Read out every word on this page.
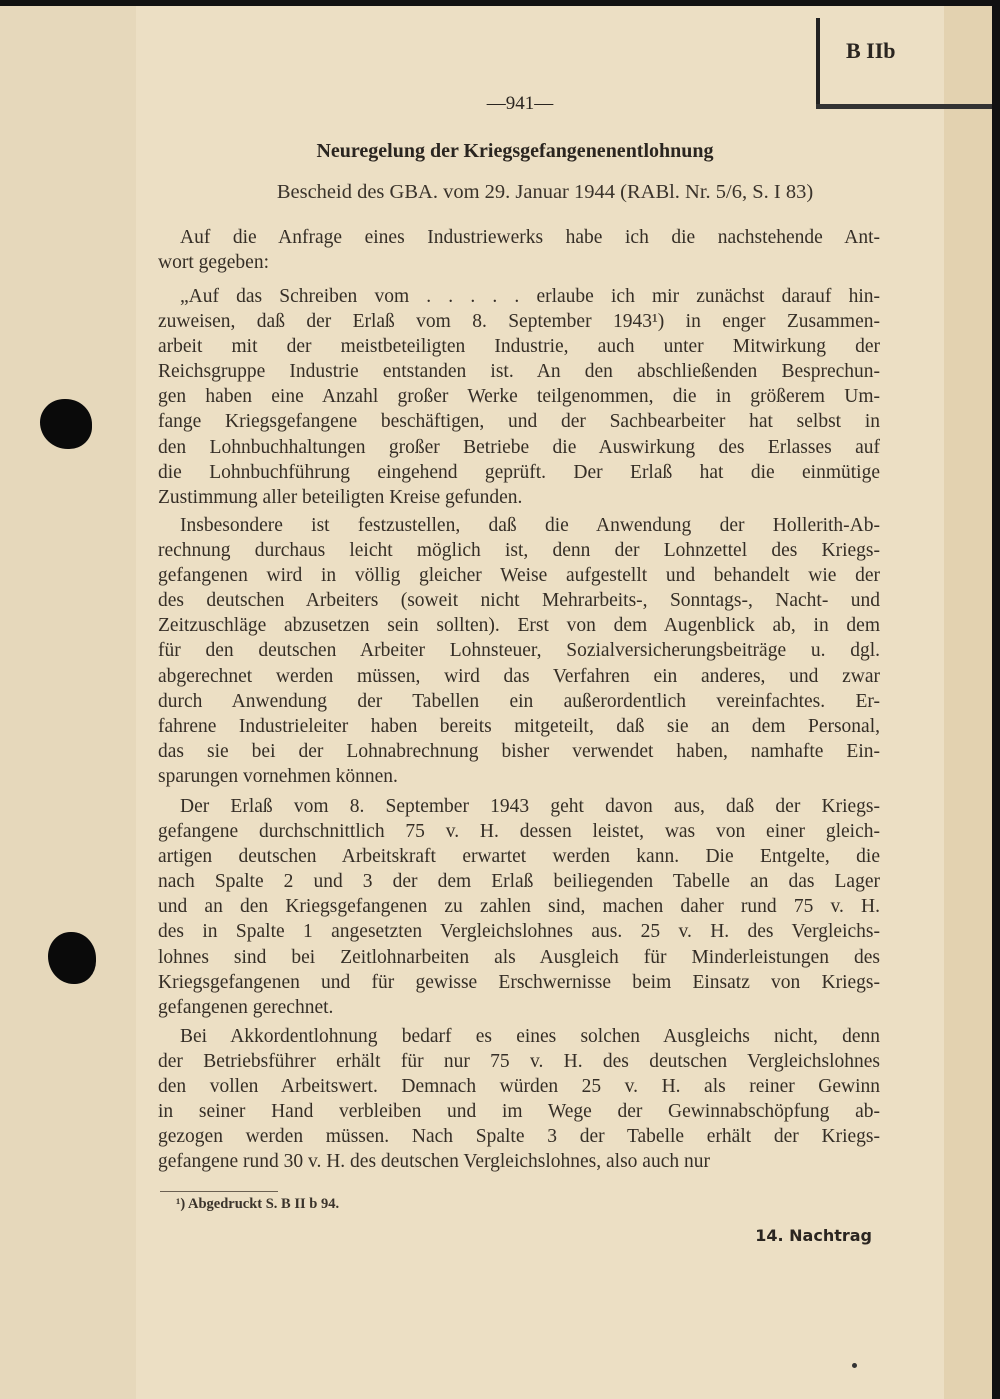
B IIb
—941—
Neuregelung der Kriegsgefangenenentlohnung
Bescheid des GBA. vom 29. Januar 1944 (RABl. Nr. 5/6, S. I 83)
Auf die Anfrage eines Industriewerks habe ich die nachstehende Ant-
wort gegeben:
„Auf das Schreiben vom . . . . . erlaube ich mir zunächst darauf hin-
zuweisen, daß der Erlaß vom 8. September 1943¹) in enger Zusammen-
arbeit mit der meistbeteiligten Industrie, auch unter Mitwirkung der
Reichsgruppe Industrie entstanden ist. An den abschließenden Besprechun-
gen haben eine Anzahl großer Werke teilgenommen, die in größerem Um-
fange Kriegsgefangene beschäftigen, und der Sachbearbeiter hat selbst in
den Lohnbuchhaltungen großer Betriebe die Auswirkung des Erlasses auf
die Lohnbuchführung eingehend geprüft. Der Erlaß hat die einmütige
Zustimmung aller beteiligten Kreise gefunden.
Insbesondere ist festzustellen, daß die Anwendung der Hollerith-Ab-
rechnung durchaus leicht möglich ist, denn der Lohnzettel des Kriegs-
gefangenen wird in völlig gleicher Weise aufgestellt und behandelt wie der
des deutschen Arbeiters (soweit nicht Mehrarbeits-, Sonntags-, Nacht- und
Zeitzuschläge abzusetzen sein sollten). Erst von dem Augenblick ab, in dem
für den deutschen Arbeiter Lohnsteuer, Sozialversicherungsbeiträge u. dgl.
abgerechnet werden müssen, wird das Verfahren ein anderes, und zwar
durch Anwendung der Tabellen ein außerordentlich vereinfachtes. Er-
fahrene Industrieleiter haben bereits mitgeteilt, daß sie an dem Personal,
das sie bei der Lohnabrechnung bisher verwendet haben, namhafte Ein-
sparungen vornehmen können.
Der Erlaß vom 8. September 1943 geht davon aus, daß der Kriegs-
gefangene durchschnittlich 75 v. H. dessen leistet, was von einer gleich-
artigen deutschen Arbeitskraft erwartet werden kann. Die Entgelte, die
nach Spalte 2 und 3 der dem Erlaß beiliegenden Tabelle an das Lager
und an den Kriegsgefangenen zu zahlen sind, machen daher rund 75 v. H.
des in Spalte 1 angesetzten Vergleichslohnes aus. 25 v. H. des Vergleichs-
lohnes sind bei Zeitlohnarbeiten als Ausgleich für Minderleistungen des
Kriegsgefangenen und für gewisse Erschwernisse beim Einsatz von Kriegs-
gefangenen gerechnet.
Bei Akkordentlohnung bedarf es eines solchen Ausgleichs nicht, denn
der Betriebsführer erhält für nur 75 v. H. des deutschen Vergleichslohnes
den vollen Arbeitswert. Demnach würden 25 v. H. als reiner Gewinn
in seiner Hand verbleiben und im Wege der Gewinnabschöpfung ab-
gezogen werden müssen. Nach Spalte 3 der Tabelle erhält der Kriegs-
gefangene rund 30 v. H. des deutschen Vergleichslohnes, also auch nur
¹) Abgedruckt S. B II b 94.
14. Nachtrag
